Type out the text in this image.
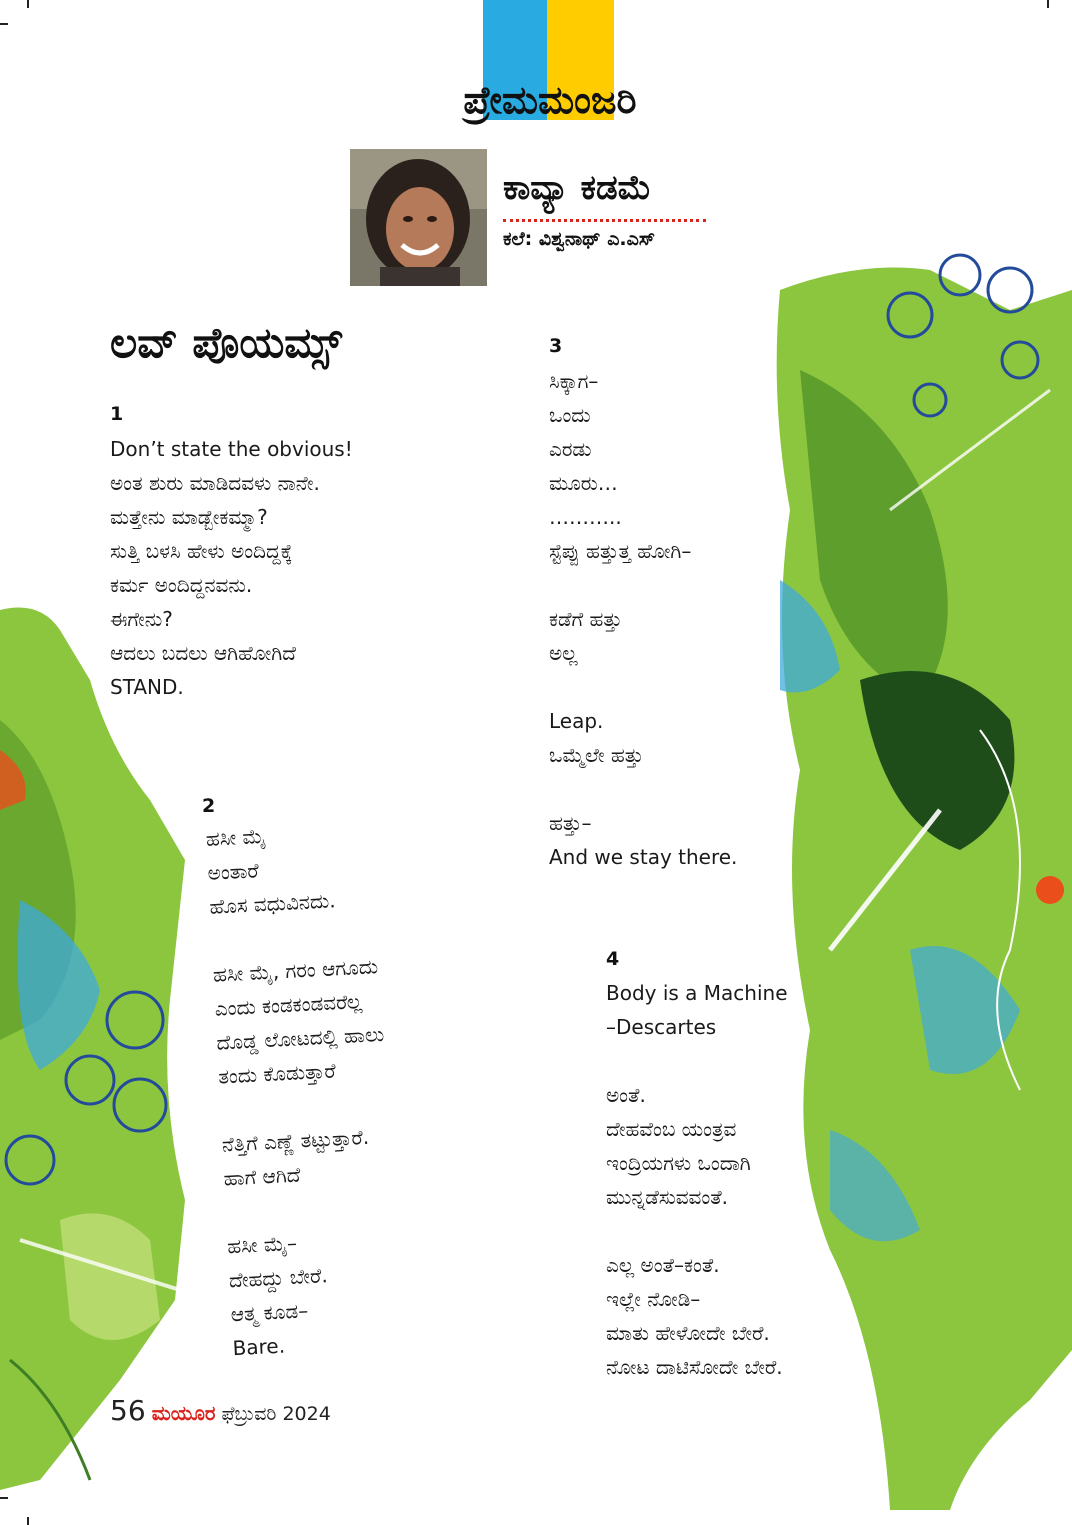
ಪ್ರೇಮಮಂಜರಿ
ಕಾವ್ಯಾ ಕಡಮೆ
ಕಲೆ: ವಿಶ್ವನಾಥ್ ಎ.ಎಸ್
ಲವ್ ಪೊಯಮ್ಸ್
1
Don’t state the obvious!
ಅಂತ ಶುರು ಮಾಡಿದವಳು ನಾನೇ.
ಮತ್ತೇನು ಮಾಡ್ಬೇಕಮ್ಮಾ?
ಸುತ್ತಿ ಬಳಸಿ ಹೇಳು ಅಂದಿದ್ದಕ್ಕೆ
ಕರ್ಮ ಅಂದಿದ್ದನವನು.
ಈಗೇನು?
ಆದಲು ಬದಲು ಆಗಿಹೋಗಿದೆ
STAND.
2
ಹಸೀ ಮೈ
ಅಂತಾರೆ
ಹೊಸ ವಧುವಿನದು.
ಹಸೀ ಮೈ, ಗರಂ ಆಗೂದು
ಎಂದು ಕಂಡಕಂಡವರೆಲ್ಲ
ದೊಡ್ಡ ಲೋಟದಲ್ಲಿ ಹಾಲು
ತಂದು ಕೊಡುತ್ತಾರೆ
ನೆತ್ತಿಗೆ ಎಣ್ಣೆ ತಟ್ಟುತ್ತಾರೆ.
ಹಾಗೆ ಆಗಿದೆ
ಹಸೀ ಮೈ–
ದೇಹದ್ದು ಬೇರೆ.
ಆತ್ಮ ಕೂಡ–
Bare.
3
ಸಿಕ್ಕಾಗ–
ಒಂದು
ಎರಡು
ಮೂರು…
………..
ಸ್ಟೆಪ್ಪು ಹತ್ತುತ್ತ ಹೋಗಿ–
ಕಡೆಗೆ ಹತ್ತು
ಅಲ್ಲ
Leap.
ಒಮ್ಮೆಲೇ ಹತ್ತು
ಹತ್ತು–
And we stay there.
4
Body is a Machine
–Descartes
ಅಂತೆ.
ದೇಹವೆಂಬ ಯಂತ್ರವ
ಇಂದ್ರಿಯಗಳು ಒಂದಾಗಿ
ಮುನ್ನಡೆಸುವವಂತೆ.
ಎಲ್ಲ ಅಂತೆ–ಕಂತೆ.
ಇಲ್ಲೇ ನೋಡಿ–
ಮಾತು ಹೇಳೋದೇ ಬೇರೆ.
ನೋಟ ದಾಟಿಸೋದೇ ಬೇರೆ.
56 ಮಯೂರ ಫೆಬ್ರುವರಿ 2024
